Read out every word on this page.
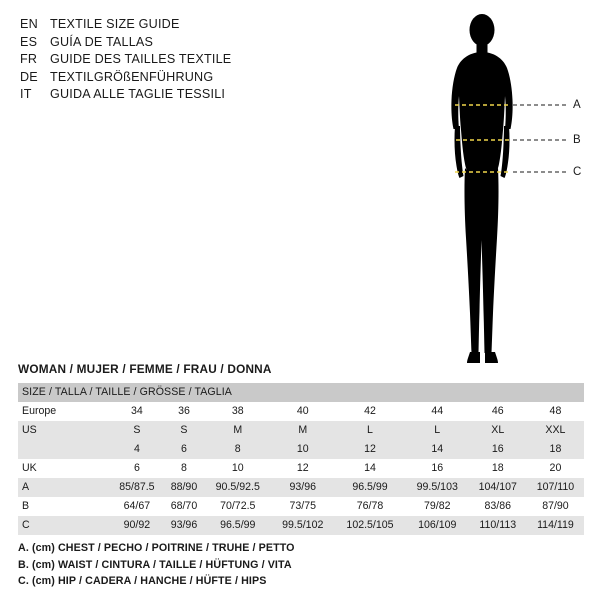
EN TEXTILE SIZE GUIDE
ES	GUÍA DE TALLAS
FR	GUIDE DES TAILLES TEXTILE
DE TEXTILGRÖßENFÜHRUNG
IT	GUIDA ALLE TAGLIE TESSILI
A
B
C
WOMAN / MUJER / FEMME / FRAU / DONNA
SIZE / TALLA / TAILLE / GRÖSSE / TAGLIA								
Europe	34	36	38	40	42	44	46	48
US	S	S	M	M	L	L	XL	XXL
	4	6	8	10	12	14	16	18
UK	6	8	10	12	14	16	18	20
A	85/87.5	88/90	90.5/92.5	93/96	96.5/99	99.5/103	104/107	107/110
B	64/67	68/70	70/72.5	73/75	76/78	79/82	83/86	87/90
C	90/92	93/96	96.5/99	99.5/102	102.5/105	106/109	110/113	114/119
A. (cm) CHEST / PECHO / POITRINE / TRUHE / PETTO
B. (cm) WAIST / CINTURA / TAILLE / HÜFTUNG / VITA
C. (cm) HIP / CADERA / HANCHE / HÜFTE / HIPS
